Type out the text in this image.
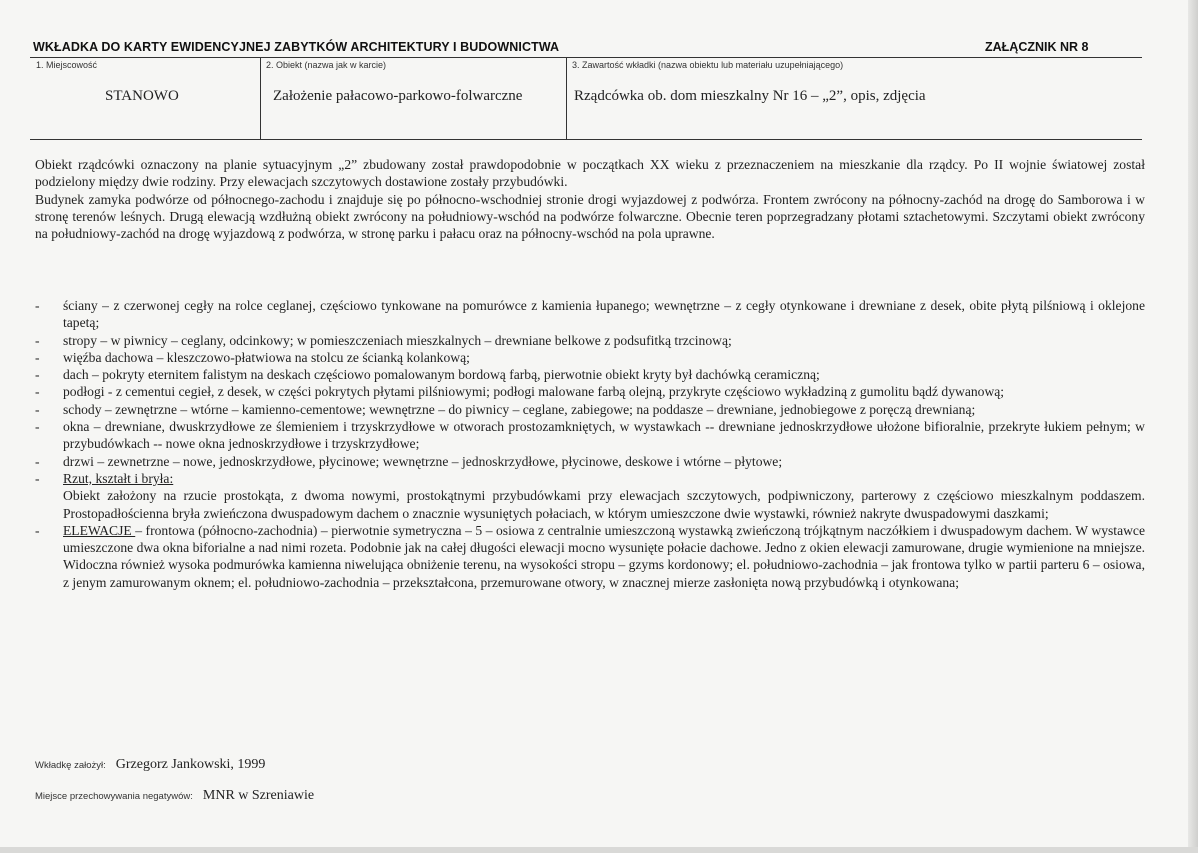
WKŁADKA DO KARTY EWIDENCYJNEJ ZABYTKÓW ARCHITEKTURY I BUDOWNICTWA	ZAŁĄCZNIK NR 8
1. Miejscowość	2. Obiekt (nazwa jak w karcie)	3. Zawartość wkładki (nazwa obiektu lub materiału uzupełniającego)
STANOWO	Założenie pałacowo-parkowo-folwarczne	Rządcówka ob. dom mieszkalny Nr 16 – „2”, opis, zdjęcia

Obiekt rządcówki oznaczony na planie sytuacyjnym „2” zbudowany został prawdopodobnie w początkach XX wieku z przeznaczeniem na mieszkanie dla rządcy. Po II wojnie światowej został podzielony między dwie rodziny. Przy elewacjach szczytowych dostawione zostały przybudówki.

Budynek zamyka podwórze od północnego-zachodu i znajduje się po północno-wschodniej stronie drogi wyjazdowej z podwórza. Frontem zwrócony na północny-zachód na drogę do Samborowa i w stronę terenów leśnych. Drugą elewacją wzdłużną obiekt zwrócony na południowy-wschód na podwórze folwarczne. Obecnie teren poprzegradzany płotami sztachetowymi. Szczytami obiekt zwrócony na południowy-zachód na drogę wyjazdową z podwórza, w stronę parku i pałacu oraz na północny-wschód na pola uprawne.

- ściany – z czerwonej cegły na rolce ceglanej, częściowo tynkowane na pomurówce z kamienia łupanego; wewnętrzne – z cegły otynkowane i drewniane z desek, obite płytą pilśniową i oklejone tapetą;
- stropy – w piwnicy – ceglany, odcinkowy; w pomieszczeniach mieszkalnych – drewniane belkowe z podsufitką trzcinową;
- więźba dachowa – kleszczowo-płatwiowa na stolcu ze ścianką kolankową;
- dach – pokryty eternitem falistym na deskach częściowo pomalowanym bordową farbą, pierwotnie obiekt kryty był dachówką ceramiczną;
- podłogi - z cementui cegieł, z desek, w części pokrytych płytami pilśniowymi; podłogi malowane farbą olejną, przykryte częściowo wykładziną z gumolitu bądź dywanową;
- schody – zewnętrzne – wtórne – kamienno-cementowe; wewnętrzne – do piwnicy – ceglane, zabiegowe; na poddasze – drewniane, jednobiegowe z poręczą drewnianą;
- okna – drewniane, dwuskrzydłowe ze ślemieniem i trzyskrzydłowe w otworach prostozamkniętych, w wystawkach -- drewniane jednoskrzydłowe ułożone bifioralnie, przekryte łukiem pełnym; w przybudówkach -- nowe okna jednoskrzydłowe i trzyskrzydłowe;
- drzwi – zewnetrzne – nowe, jednoskrzydłowe, płycinowe; wewnętrzne – jednoskrzydłowe, płycinowe, deskowe i wtórne – płytowe;
- Rzut, kształt i bryła:
Obiekt założony na rzucie prostokąta, z dwoma nowymi, prostokątnymi przybudówkami przy elewacjach szczytowych, podpiwniczony, parterowy z częściowo mieszkalnym poddaszem. Prostopadłościenna bryła zwieńczona dwuspadowym dachem o znacznie wysuniętych połaciach, w którym umieszczone dwie wystawki, również nakryte dwuspadowymi daszkami;
- ELEWACJE – frontowa (północno-zachodnia) – pierwotnie symetryczna – 5 – osiowa z centralnie umieszczoną wystawką zwieńczoną trójkątnym naczółkiem i dwuspadowym dachem. W wystawce umieszczone dwa okna biforialne a nad nimi rozeta. Podobnie jak na całej długości elewacji mocno wysunięte połacie dachowe. Jedno z okien elewacji zamurowane, drugie wymienione na mniejsze. Widoczna również wysoka podmurówka kamienna niwelująca obniżenie terenu, na wysokości stropu – gzyms kordonowy; el. południowo-zachodnia – jak frontowa tylko w partii parteru 6 – osiowa, z jenym zamurowanym oknem; el. południowo-zachodnia – przekształcona, przemurowane otwory, w znacznej mierze zasłonięta nową przybudówką i otynkowana;
Wkładkę założył: Grzegorz Jankowski, 1999
Miejsce przechowywania negatywów: MNR w Szreniawie
